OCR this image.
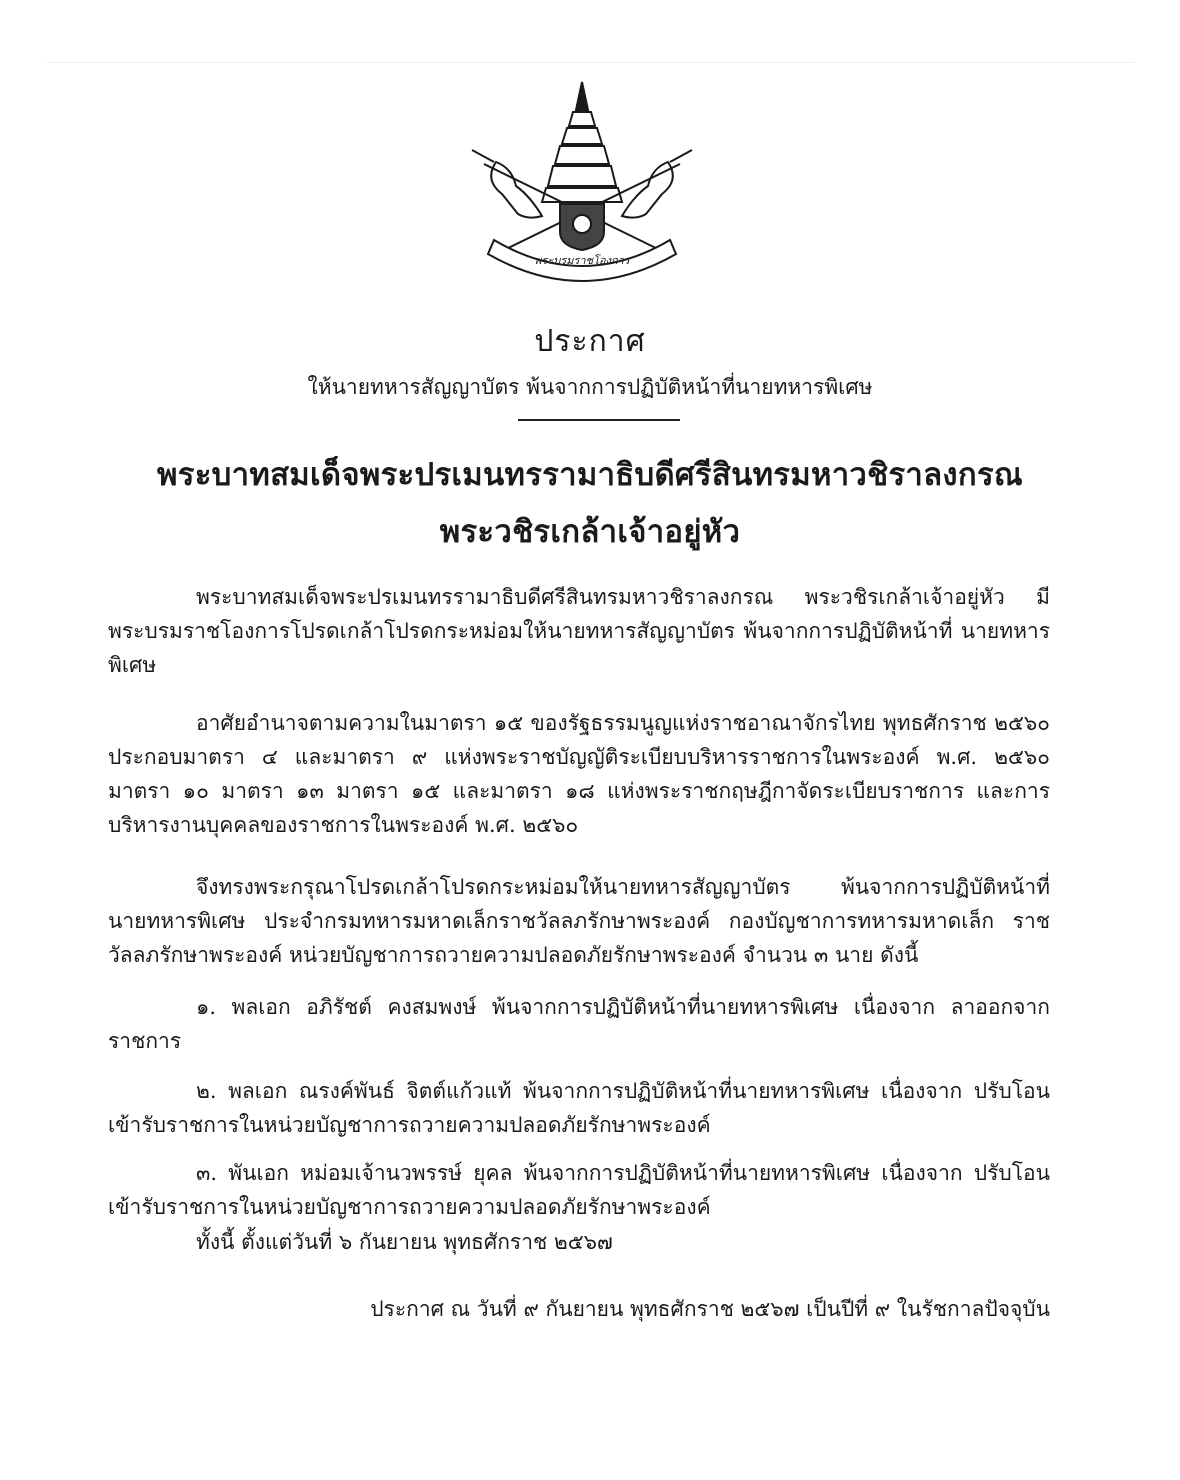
พระบรมราชโองการ
ประกาศ
ให้นายทหารสัญญาบัตร พ้นจากการปฏิบัติหน้าที่นายทหารพิเศษ
พระบาทสมเด็จพระปรเมนทรรามาธิบดีศรีสินทรมหาวชิราลงกรณ
พระวชิรเกล้าเจ้าอยู่หัว

พระบาทสมเด็จพระปรเมนทรรามาธิบดีศรีสินทรมหาวชิราลงกรณ พระวชิรเกล้าเจ้าอยู่หัว มีพระบรมราชโองการโปรดเกล้าโปรดกระหม่อมให้นายทหารสัญญาบัตร พ้นจากการปฏิบัติหน้าที่ นายทหารพิเศษ

อาศัยอำนาจตามความในมาตรา ๑๕ ของรัฐธรรมนูญแห่งราชอาณาจักรไทย พุทธศักราช ๒๕๖๐ ประกอบมาตรา ๔ และมาตรา ๙ แห่งพระราชบัญญัติระเบียบบริหารราชการในพระองค์ พ.ศ. ๒๕๖๐ มาตรา ๑๐ มาตรา ๑๓ มาตรา ๑๕ และมาตรา ๑๘ แห่งพระราชกฤษฎีกาจัดระเบียบราชการ และการบริหารงานบุคคลของราชการในพระองค์ พ.ศ. ๒๕๖๐

จึงทรงพระกรุณาโปรดเกล้าโปรดกระหม่อมให้นายทหารสัญญาบัตร พ้นจากการปฏิบัติหน้าที่ นายทหารพิเศษ ประจำกรมทหารมหาดเล็กราชวัลลภรักษาพระองค์ กองบัญชาการทหารมหาดเล็ก ราชวัลลภรักษาพระองค์ หน่วยบัญชาการถวายความปลอดภัยรักษาพระองค์ จำนวน ๓ นาย ดังนี้

๑. พลเอก อภิรัชต์ คงสมพงษ์ พ้นจากการปฏิบัติหน้าที่นายทหารพิเศษ เนื่องจาก ลาออกจากราชการ

๒. พลเอก ณรงค์พันธ์ จิตต์แก้วแท้ พ้นจากการปฏิบัติหน้าที่นายทหารพิเศษ เนื่องจาก ปรับโอนเข้ารับราชการในหน่วยบัญชาการถวายความปลอดภัยรักษาพระองค์

๓. พันเอก หม่อมเจ้านวพรรษ์ ยุคล พ้นจากการปฏิบัติหน้าที่นายทหารพิเศษ เนื่องจาก ปรับโอนเข้ารับราชการในหน่วยบัญชาการถวายความปลอดภัยรักษาพระองค์

ทั้งนี้ ตั้งแต่วันที่ ๖ กันยายน พุทธศักราช ๒๕๖๗

ประกาศ ณ วันที่ ๙ กันยายน พุทธศักราช ๒๕๖๗ เป็นปีที่ ๙ ในรัชกาลปัจจุบัน
